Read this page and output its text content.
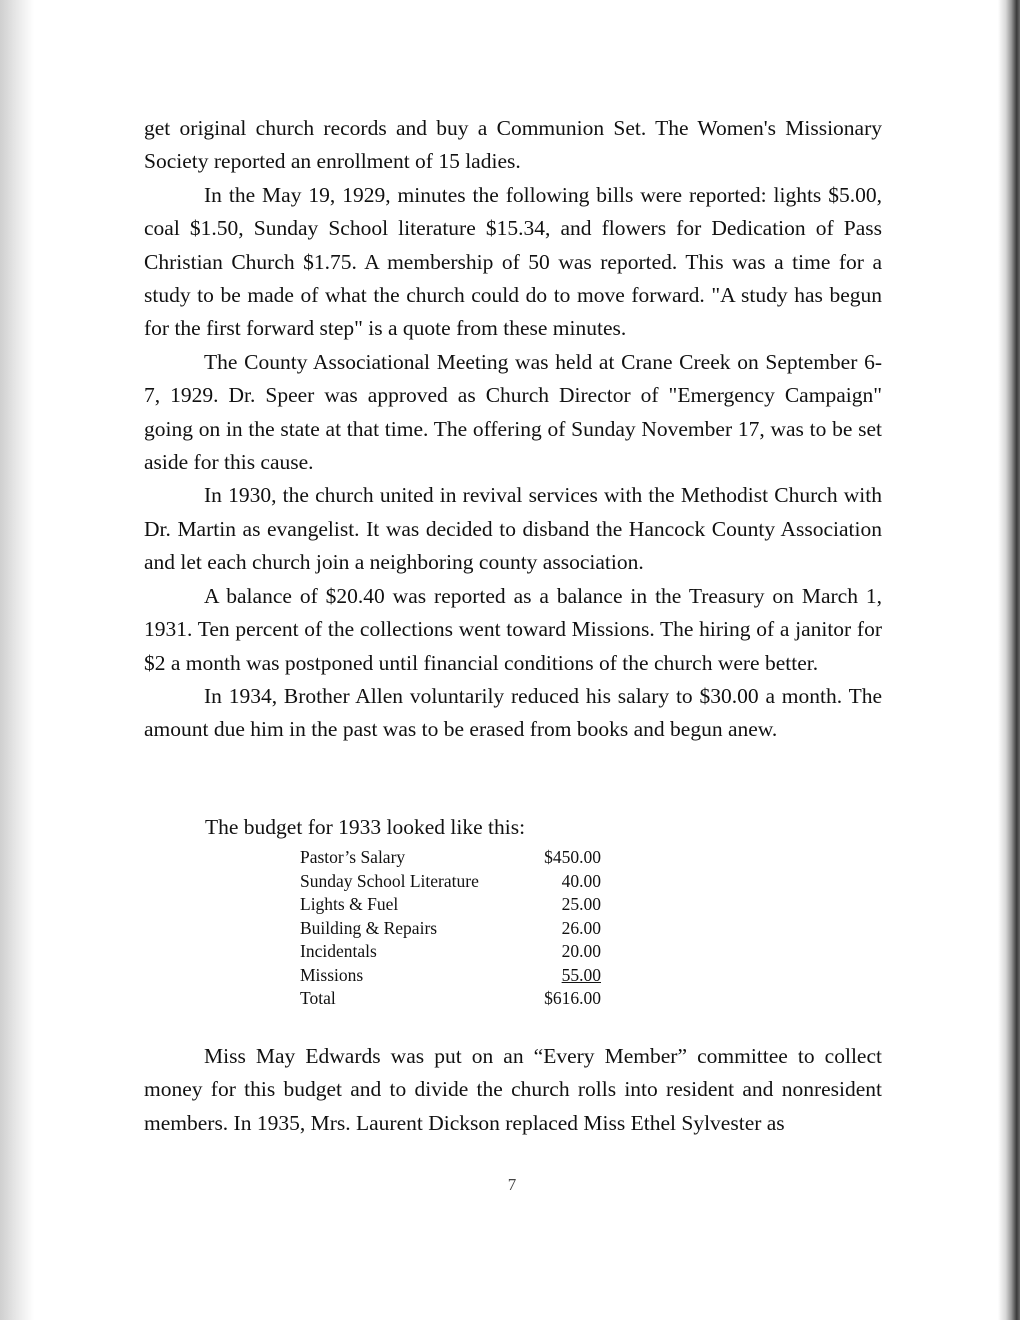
get original church records and buy a Communion Set. The Women's Missionary Society reported an enrollment of 15 ladies.

In the May 19, 1929, minutes the following bills were reported: lights $5.00, coal $1.50, Sunday School literature $15.34, and flowers for Dedication of Pass Christian Church $1.75. A membership of 50 was reported. This was a time for a study to be made of what the church could do to move forward. "A study has begun for the first forward step" is a quote from these minutes.

The County Associational Meeting was held at Crane Creek on September 6-7, 1929. Dr. Speer was approved as Church Director of "Emergency Campaign" going on in the state at that time. The offering of Sunday November 17, was to be set aside for this cause.

In 1930, the church united in revival services with the Methodist Church with Dr. Martin as evangelist. It was decided to disband the Hancock County Association and let each church join a neighboring county association.

A balance of $20.40 was reported as a balance in the Treasury on March 1, 1931. Ten percent of the collections went toward Missions. The hiring of a janitor for $2 a month was postponed until financial conditions of the church were better.

In 1934, Brother Allen voluntarily reduced his salary to $30.00 a month. The amount due him in the past was to be erased from books and begun anew.

The budget for 1933 looked like this:
Pastor’s Salary	$450.00
Sunday School Literature	40.00
Lights & Fuel	25.00
Building & Repairs	26.00
Incidentals	20.00
Missions	55.00
Total	$616.00

Miss May Edwards was put on an “Every Member” committee to collect money for this budget and to divide the church rolls into resident and nonresident members. In 1935, Mrs. Laurent Dickson replaced Miss Ethel Sylvester as

7
